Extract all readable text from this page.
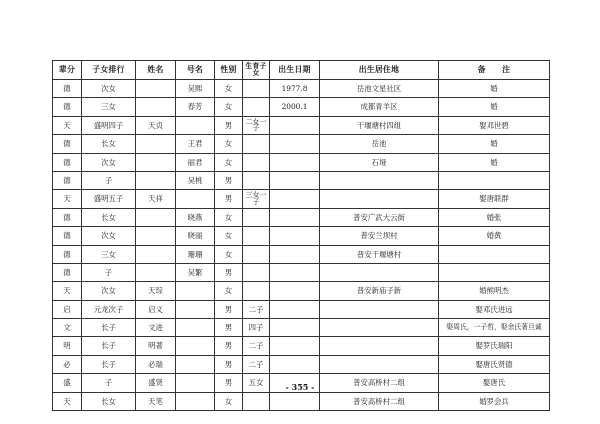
辈分	子女排行	姓名	号名	性别	生育子女	出生日期	出生居住地	备　　注
德	次女		吴熙	女		1977.8	岳池文星社区	婚
德	三女		春芳	女		2000.1	成都青羊区	婚
天	盛明四子	天贞		男	二女一子		干堰塘村四组	娶邓世碧
德	长女		王君	女			岳池	婚
德	次女		丽君	女			石垭	婚
德	子		吴桃	男				
天	盛明五子	天祥		男	三女一子			娶唐联群
德	长女		晓燕	女			普安广武大云街	婚张
德	次女		晓丽	女			普安兰坝村	婚黄
德	三女		珊珊	女			普安干堰塘村	
德	子		吴繁	男				
天	次女	天琮		女			普安新庙子新	婚熊明杰
启	元龙次子	启义		男	二子			娶邓氏进远
文	长子	文进		男	四子			娶周氏，一子哲，娶余氏著旦诚
明	长子	明著		男	二子			娶罗氏瑞阳
必	长子	必瑞		男	二子			娶唐氏贤德
盛	子	盛贤		男	五女		普安高桥村二组	娶唐氏
天	长女	天笔		女			普安高桥村二组	婚罗会兵
- 355 -
